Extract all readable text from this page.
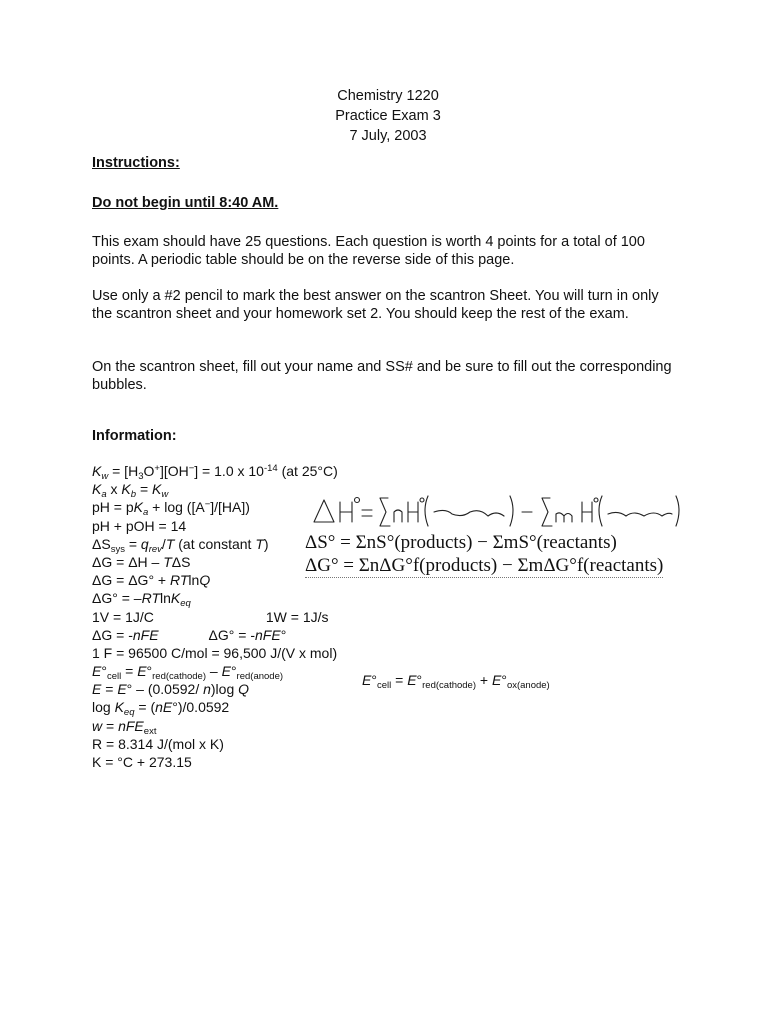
Chemistry 1220
Practice Exam 3
7 July, 2003
Instructions:
Do not begin until 8:40 AM.
This exam should have 25 questions. Each question is worth 4 points for a total of 100 points. A periodic table should be on the reverse side of this page.
Use only a #2 pencil to mark the best answer on the scantron Sheet. You will turn in only the scantron sheet and your homework set 2. You should keep the rest of the exam.
On the scantron sheet, fill out your name and SS# and be sure to fill out the corresponding bubbles.
Information:
$K_w = [H_3O^+][OH^-] = 1.0$ x $10^{-14}$ (at 25°C)
$K_a$ x $K_b = K_w$
pH = $pK_a + \log ([A^-]/[HA])$
pH + pOH = 14
$\Delta S_{sys} = q_{rev}/T$ (at constant T)
ΔG = ΔH – TΔS
ΔG = ΔG° + RTlnQ
ΔG° = –RTlnK$_{eq}$
1V = 1J/C	1W = 1J/s
ΔG = -nFE	ΔG° = -nFE°
1 F = 96500 C/mol = 96,500 J/(V x mol)
$E^\circ_{cell} = E^\circ_{red(cathode)} - E^\circ_{red(anode)}$
E = E° – (0.0592/ n)log Q
$\log K_{eq} = (nE^\circ)/0.0592$
w = nFE$_{ext}$
R = 8.314 J/(mol x K)
K = °C + 273.15
ΔH° = Σn H°(products) − Σm H°(reactants)
ΔS° = ΣnS°(products) − ΣmS°(reactants)
ΔG° = ΣnΔG°f(products) − ΣmΔG°f(reactants)
$E^\circ_{cell} = E^\circ_{red(cathode)} + E^\circ_{ox(anode)}$
